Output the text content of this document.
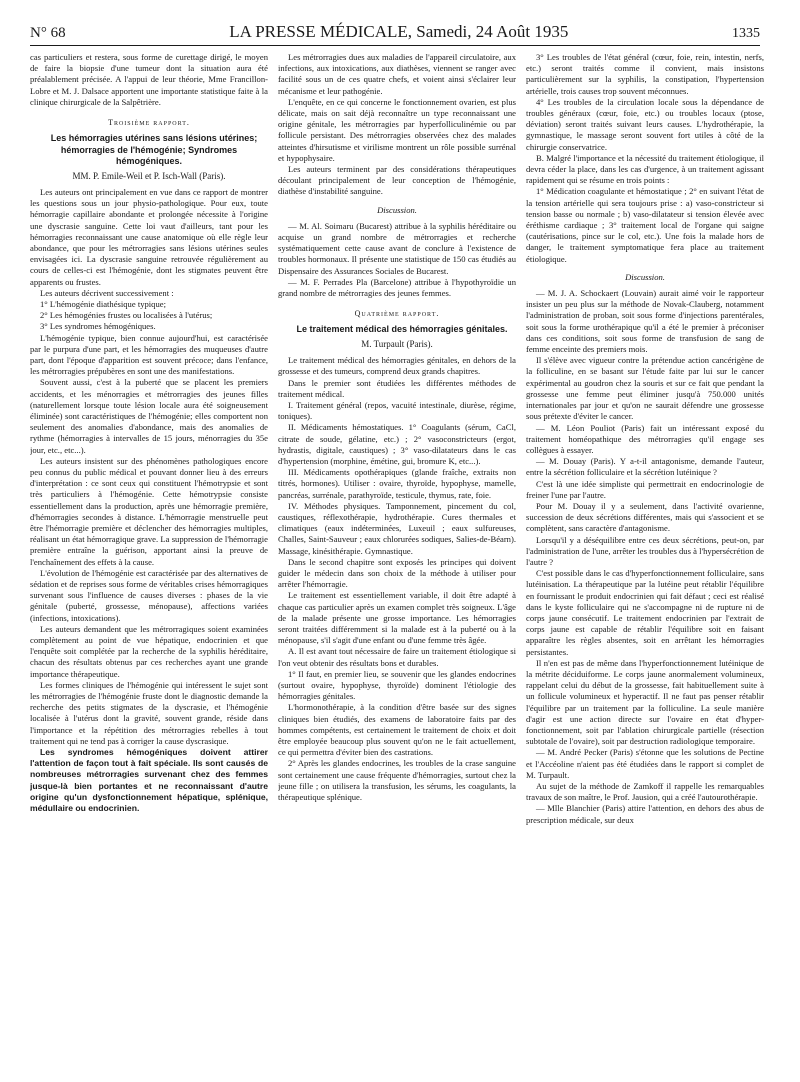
N° 68	LA PRESSE MÉDICALE, Samedi, 24 Août 1935	1335

cas particuliers et restera, sous forme de curettage dirigé, le moyen de faire la biopsie d'une tumeur dont la situation aura été préalablement précisée. A l'appui de leur théorie, Mme Francillon-Lobre et M. J. Dalsace apportent une importante statistique faite à la clinique chirurgicale de la Salpêtrière.

Troisième rapport.

Les hémorragies utérines sans lésions utérines; hémorragies de l'hémogénie; Syndromes hémogéniques.

MM. P. Emile-Weil et P. Isch-Wall (Paris).

Les auteurs ont principalement en vue dans ce rapport de montrer les questions sous un jour physio-pathologique. Pour eux, toute hémorragie capillaire abondante et prolongée nécessite à l'origine une dyscrasie sanguine. Cette loi vaut d'ailleurs, tant pour les hémorragies reconnaissant une cause anatomique où elle règle leur abondance, que pour les métrorragies sans lésions utérines seules envisagées ici. La dyscrasie sanguine retrouvée régulièrement au cours de celles-ci est l'hémogénie, dont les stigmates peuvent être apparents ou frustes.

Les auteurs décrivent successivement :

1° L'hémogénie diathésique typique;

2° Les hémogénies frustes ou localisées à l'utérus;

3° Les syndromes hémogéniques.

L'hémogénie typique, bien connue aujourd'hui, est caractérisée par le purpura d'une part, et les hémorragies des muqueuses d'autre part, dont l'époque d'apparition est souvent précoce; dans l'enfance, les métrorragies prépubères en sont une des manifestations.

Souvent aussi, c'est à la puberté que se placent les premiers accidents, et les ménorragies et métrorragies des jeunes filles (naturellement lorsque toute lésion locale aura été soigneusement éliminée) sont caractéristiques de l'hémogénie; elles comportent non seulement des anomalies d'abondance, mais des anomalies de rythme (hémorragies à intervalles de 15 jours, ménorragies du 35e jour, etc., etc...).

Les auteurs insistent sur des phénomènes pathologiques encore peu connus du public médical et pouvant donner lieu à des erreurs d'interprétation : ce sont ceux qui constituent l'hémotrypsie et sont très particuliers à l'hémogénie. Cette hémotrypsie consiste essentiellement dans la production, après une hémorragie première, d'hémorragies secondes à distance. L'hémorragie menstruelle peut être l'hémorragie première et déclencher des hémorragies multiples, réalisant un état hémorragique grave. La suppression de l'hémorragie première entraîne la guérison, apportant ainsi la preuve de l'enchaînement des effets à la cause.

L'évolution de l'hémogénie est caractérisée par des alternatives de sédation et de reprises sous forme de véritables crises hémorragiques survenant sous l'influence de causes diverses : phases de la vie génitale (puberté, grossesse, ménopause), affections variées (infections, intoxications).

Les auteurs demandent que les métrorragiques soient examinées complètement au point de vue hépatique, endocrinien et que l'enquête soit complétée par la recherche de la syphilis héréditaire, chacun des résultats obtenus par ces recherches ayant une grande importance thérapeutique.

Les formes cliniques de l'hémogénie qui intéressent le sujet sont les métrorragies de l'hémogénie fruste dont le diagnostic demande la recherche des petits stigmates de la dyscrasie, et l'hémogénie localisée à l'utérus dont la gravité, souvent grande, réside dans l'importance et la répétition des métrorragies rebelles à tout traitement qui ne tend pas à corriger la cause dyscrasique.

Les syndromes hémogéniques doivent attirer l'attention de façon tout à fait spéciale. Ils sont causés de nombreuses métrorragies survenant chez des femmes jusque-là bien portantes et ne reconnaissant d'autre origine qu'un dysfonctionnement hépatique, splénique, médullaire ou endocrinien.

Les métrorragies dues aux maladies de l'appareil circulatoire, aux infections, aux intoxications, aux diathèses, viennent se ranger avec facilité sous un de ces quatre chefs, et voient ainsi s'éclairer leur mécanisme et leur pathogénie.

L'enquête, en ce qui concerne le fonctionnement ovarien, est plus délicate, mais on sait déjà reconnaître un type reconnaissant une origine génitale, les métrorragies par hyperfolliculinémie ou par follicule persistant. Des métrorragies observées chez des malades atteintes d'hirsutisme et virilisme montrent un rôle possible surrénal et hypophysaire.

Les auteurs terminent par des considérations thérapeutiques découlant principalement de leur conception de l'hémogénie, diathèse d'instabilité sanguine.

Discussion.

— M. Al. Soimaru (Bucarest) attribue à la syphilis héréditaire ou acquise un grand nombre de métrorragies et recherche systématiquement cette cause avant de conclure à l'existence de troubles hormonaux. Il présente une statistique de 150 cas étudiés au Dispensaire des Assurances Sociales de Bucarest.

— M. F. Perrades Pla (Barcelone) attribue à l'hypothyroïdie un grand nombre de métrorragies des jeunes femmes.

Quatrième rapport.

Le traitement médical des hémorragies génitales.

M. Turpault (Paris).

Le traitement médical des hémorragies génitales, en dehors de la grossesse et des tumeurs, comprend deux grands chapitres.

Dans le premier sont étudiées les différentes méthodes de traitement médical.

I. Traitement général (repos, vacuité intestinale, diurèse, régime, toniques).

II. Médicaments hémostatiques. 1° Coagulants (sérum, CaCl, citrate de soude, gélatine, etc.) ; 2° vasoconstricteurs (ergot, hydrastis, digitale, caustiques) ; 3° vaso-dilatateurs dans le cas d'hypertension (morphine, émétine, gui, bromure K, etc...).

III. Médicaments opothérapiques (glande fraîche, extraits non titrés, hormones). Utiliser : ovaire, thyroïde, hypophyse, mamelle, pancréas, surrénale, parathyroïde, testicule, thymus, rate, foie.

IV. Méthodes physiques. Tamponnement, pincement du col, caustiques, réflexothérapie, hydrothérapie. Cures thermales et climatiques (eaux indéterminées, Luxeuil ; eaux sulfureuses, Challes, Saint-Sauveur ; eaux chlorurées sodiques, Salies-de-Béarn). Massage, kinésithérapie. Gymnastique.

Dans le second chapitre sont exposés les principes qui doivent guider le médecin dans son choix de la méthode à utiliser pour arrêter l'hémorragie.

Le traitement est essentiellement variable, il doit être adapté à chaque cas particulier après un examen complet très soigneux. L'âge de la malade présente une grosse importance. Les hémorragies seront traitées différemment si la malade est à la puberté ou à la ménopause, s'il s'agit d'une enfant ou d'une femme très âgée.

A. Il est avant tout nécessaire de faire un traitement étiologique si l'on veut obtenir des résultats bons et durables.

1° Il faut, en premier lieu, se souvenir que les glandes endocrines (surtout ovaire, hypophyse, thyroïde) dominent l'étiologie des hémorragies génitales.

L'hormonothérapie, à la condition d'être basée sur des signes cliniques bien étudiés, des examens de laboratoire faits par des hommes compétents, est certainement le traitement de choix et doit être employée beaucoup plus souvent qu'on ne le fait actuellement, ce qui permettra d'éviter bien des castrations.

2° Après les glandes endocrines, les troubles de la crase sanguine sont certainement une cause fréquente d'hémorragies, surtout chez la jeune fille ; on utilisera la transfusion, les sérums, les coagulants, la thérapeutique splénique.

3° Les troubles de l'état général (cœur, foie, rein, intestin, nerfs, etc.) seront traités comme il convient, mais insistons particulièrement sur la syphilis, la constipation, l'hypertension artérielle, trois causes trop souvent méconnues.

4° Les troubles de la circulation locale sous la dépendance de troubles généraux (cœur, foie, etc.) ou troubles locaux (ptose, déviation) seront traités suivant leurs causes. L'hydrothérapie, la gymnastique, le massage seront souvent fort utiles à côté de la chirurgie conservatrice.

B. Malgré l'importance et la nécessité du traitement étiologique, il devra céder la place, dans les cas d'urgence, à un traitement agissant rapidement qui se résume en trois points :

1° Médication coagulante et hémostatique ; 2° en suivant l'état de la tension artérielle qui sera toujours prise : a) vaso-constricteur si tension basse ou normale ; b) vaso-dilatateur si tension élevée avec éréthisme cardiaque ; 3° traitement local de l'organe qui saigne (cautérisations, pince sur le col, etc.). Une fois la malade hors de danger, le traitement symptomatique fera place au traitement étiologique.

Discussion.

— M. J. A. Schockaert (Louvain) aurait aimé voir le rapporteur insister un peu plus sur la méthode de Novak-Clauberg, notamment l'administration de proban, soit sous forme d'injections parentérales, soit sous la forme urothérapique qu'il a été le premier à préconiser dans ces conditions, soit sous forme de transfusion de sang de femme enceinte des premiers mois.

Il s'élève avec vigueur contre la prétendue action cancérigène de la folliculine, en se basant sur l'étude faite par lui sur le cancer expérimental au goudron chez la souris et sur ce fait que pendant la grossesse une femme peut éliminer jusqu'à 750.000 unités internationales par jour et qu'on ne saurait défendre une grossesse sous prétexte d'éviter le cancer.

— M. Léon Pouliot (Paris) fait un intéressant exposé du traitement homéopathique des métrorragies qu'il engage ses collègues à essayer.

— M. Douay (Paris). Y a-t-il antagonisme, demande l'auteur, entre la sécrétion folliculaire et la sécrétion lutéinique ?

C'est là une idée simpliste qui permettrait en endocrinologie de freiner l'une par l'autre.

Pour M. Douay il y a seulement, dans l'activité ovarienne, succession de deux sécrétions différentes, mais qui s'associent et se complètent, sans caractère d'antagonisme.

Lorsqu'il y a déséquilibre entre ces deux sécrétions, peut-on, par l'administration de l'une, arrêter les troubles dus à l'hypersécrétion de l'autre ?

C'est possible dans le cas d'hyperfonctionnement folliculaire, sans lutéinisation. La thérapeutique par la lutéine peut rétablir l'équilibre en fournissant le produit endocrinien qui fait défaut ; ceci est réalisé dans le kyste folliculaire qui ne s'accompagne ni de rupture ni de corps jaune consécutif. Le traitement endocrinien par l'extrait de corps jaune est capable de rétablir l'équilibre soit en faisant apparaître les règles absentes, soit en arrêtant les hémorragies persistantes.

Il n'en est pas de même dans l'hyperfonctionnement lutéinique de la métrite déciduiforme. Le corps jaune anormalement volumineux, rappelant celui du début de la grossesse, fait habituellement suite à un follicule volumineux et hyperactif. Il ne faut pas penser rétablir l'équilibre par un traitement par la folliculine. La seule manière d'agir est une action directe sur l'ovaire en état d'hyper-fonctionnement, soit par l'ablation chirurgicale partielle (résection subtotale de l'ovaire), soit par destruction radiologique temporaire.

— M. André Pecker (Paris) s'étonne que les solutions de Pectine et l'Accéoline n'aient pas été étudiées dans le rapport si complet de M. Turpault.

Au sujet de la méthode de Zamkoff il rappelle les remarquables travaux de son maître, le Prof. Jausion, qui a créé l'autourothérapie.

— Mlle Blanchier (Paris) attire l'attention, en dehors des abus de prescription médicale, sur deux
